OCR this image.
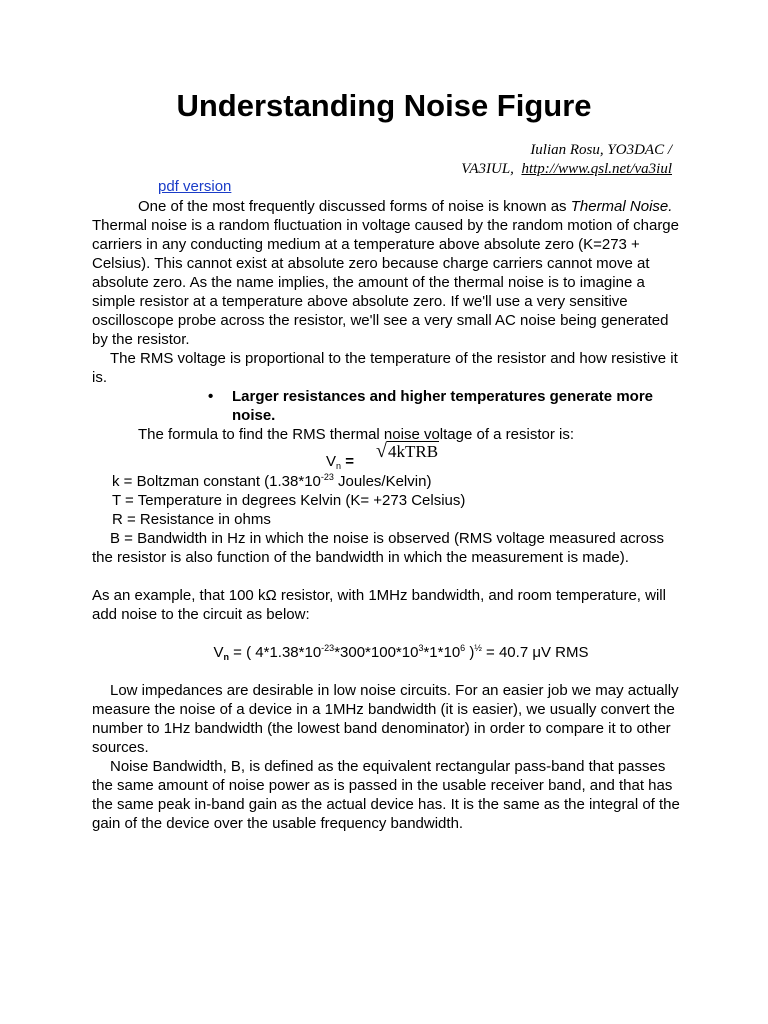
Understanding Noise Figure
Iulian Rosu, YO3DAC /
VA3IUL, http://www.qsl.net/va3iul
pdf version

One of the most frequently discussed forms of noise is known as Thermal Noise.

Thermal noise is a random fluctuation in voltage caused by the random motion of charge carriers in any conducting medium at a temperature above absolute zero (K=273 + Celsius). This cannot exist at absolute zero because charge carriers cannot move at absolute zero. As the name implies, the amount of the thermal noise is to imagine a simple resistor at a temperature above absolute zero. If we'll use a very sensitive oscilloscope probe across the resistor, we'll see a very small AC noise being generated by the resistor.

The RMS voltage is proportional to the temperature of the resistor and how resistive it is.

• Larger resistances and higher temperatures generate more noise.

The formula to find the RMS thermal noise voltage of a resistor is:

$V_n$ = √4kTRB

k = Boltzman constant ($1.38*10^{-23}$ Joules/Kelvin)

T = Temperature in degrees Kelvin (K= +273 Celsius)

R = Resistance in ohms

B = Bandwidth in Hz in which the noise is observed (RMS voltage measured across the resistor is also function of the bandwidth in which the measurement is made).

As an example, that 100 kΩ resistor, with 1MHz bandwidth, and room temperature, will add noise to the circuit as below:

$V_n$ = ( $4*1.38*10^{-23}*300*100*10^3*1*10^6$ )$^{\frac{1}{2}}$ = 40.7 μV RMS

Low impedances are desirable in low noise circuits. For an easier job we may actually measure the noise of a device in a 1MHz bandwidth (it is easier), we usually convert the number to 1Hz bandwidth (the lowest band denominator) in order to compare it to other sources.

Noise Bandwidth, B, is defined as the equivalent rectangular pass-band that passes the same amount of noise power as is passed in the usable receiver band, and that has the same peak in-band gain as the actual device has. It is the same as the integral of the gain of the device over the usable frequency bandwidth.
